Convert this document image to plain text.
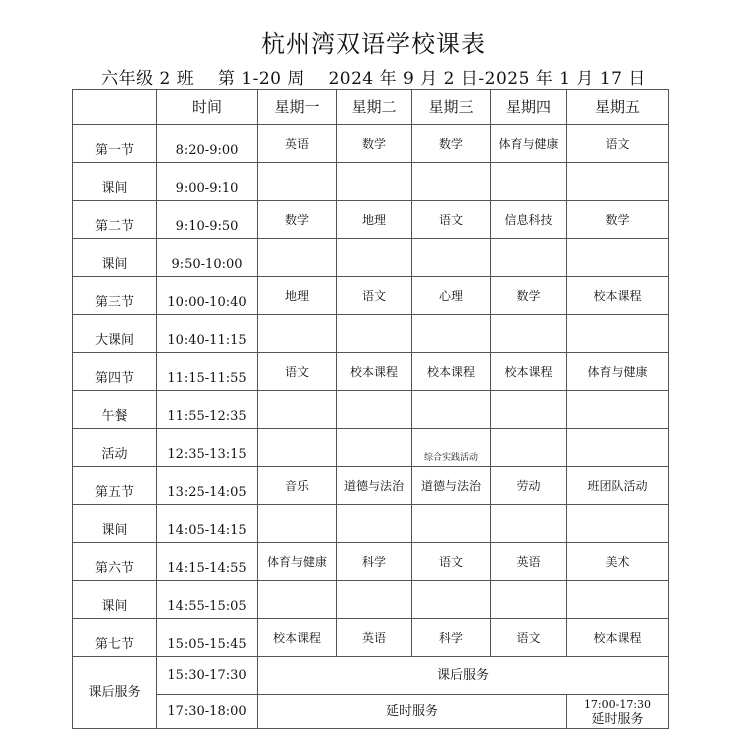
杭州湾双语学校课表
六年级 2 班    第 1-20 周    2024 年 9 月 2 日-2025 年 1 月 17 日
	时间	星期一	星期二	星期三	星期四	星期五
第一节	8:20-9:00	英语	数学	数学	体育与健康	语文
课间	9:00-9:10					
第二节	9:10-9:50	数学	地理	语文	信息科技	数学
课间	9:50-10:00					
第三节	10:00-10:40	地理	语文	心理	数学	校本课程
大课间	10:40-11:15					
第四节	11:15-11:55	语文	校本课程	校本课程	校本课程	体育与健康
午餐	11:55-12:35					
活动	12:35-13:15			综合实践活动		
第五节	13:25-14:05	音乐	道德与法治	道德与法治	劳动	班团队活动
课间	14:05-14:15					
第六节	14:15-14:55	体育与健康	科学	语文	英语	美术
课间	14:55-15:05					
第七节	15:05-15:45	校本课程	英语	科学	语文	校本课程
课后服务	15:30-17:30	课后服务				
	17:30-18:00	延时服务				17:00-17:30
延时服务
